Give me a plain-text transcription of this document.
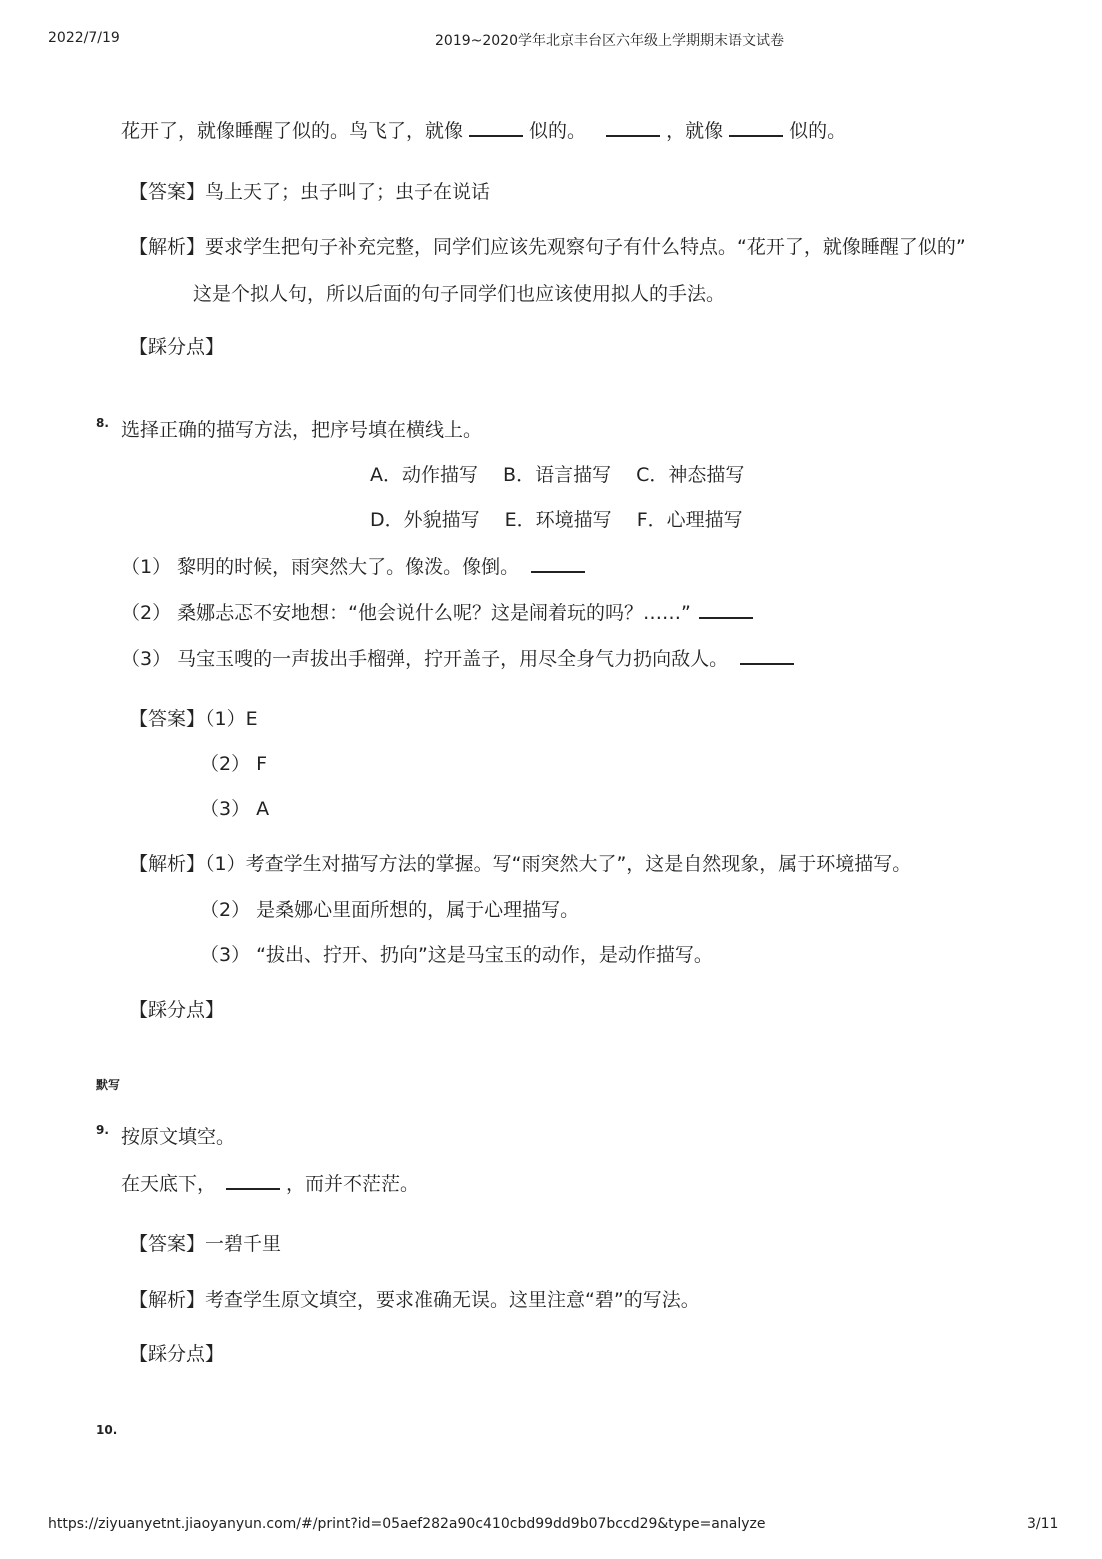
2022/7/19	2019~2020学年北京丰台区六年级上学期期末语文试卷
花开了，就像睡醒了似的。鸟飞了，就像	似的。	，就像	似的。
【答案】鸟上天了；虫子叫了；虫子在说话
【解析】要求学生把句子补充完整，同学们应该先观察句子有什么特点。“花开了，就像睡醒了似的”
这是个拟人句，所以后面的句子同学们也应该使用拟人的手法。
【踩分点】
8. 选择正确的描写方法，把序号填在横线上。
A．动作描写　 B．语言描写　 C．神态描写
D．外貌描写　 E．环境描写　 F．心理描写
（1） 黎明的时候，雨突然大了。像泼。像倒。
（2） 桑娜忐忑不安地想：“他会说什么呢？这是闹着玩的吗？……”
（3） 马宝玉嗖的一声拔出手榴弹，拧开盖子，用尽全身气力扔向敌人。
【答案】（1）E
（2） F
（3） A
【解析】（1）考查学生对描写方法的掌握。写“雨突然大了”，这是自然现象，属于环境描写。
（2） 是桑娜心里面所想的，属于心理描写。
（3） “拔出、拧开、扔向”这是马宝玉的动作，是动作描写。
【踩分点】
默写
9. 按原文填空。
在天底下，	，而并不茫茫。
【答案】一碧千里
【解析】考查学生原文填空，要求准确无误。这里注意“碧”的写法。
【踩分点】
10.
https://ziyuanyetnt.jiaoyanyun.com/#/print?id=05aef282a90c410cbd99dd9b07bccd29&type=analyze	3/11
